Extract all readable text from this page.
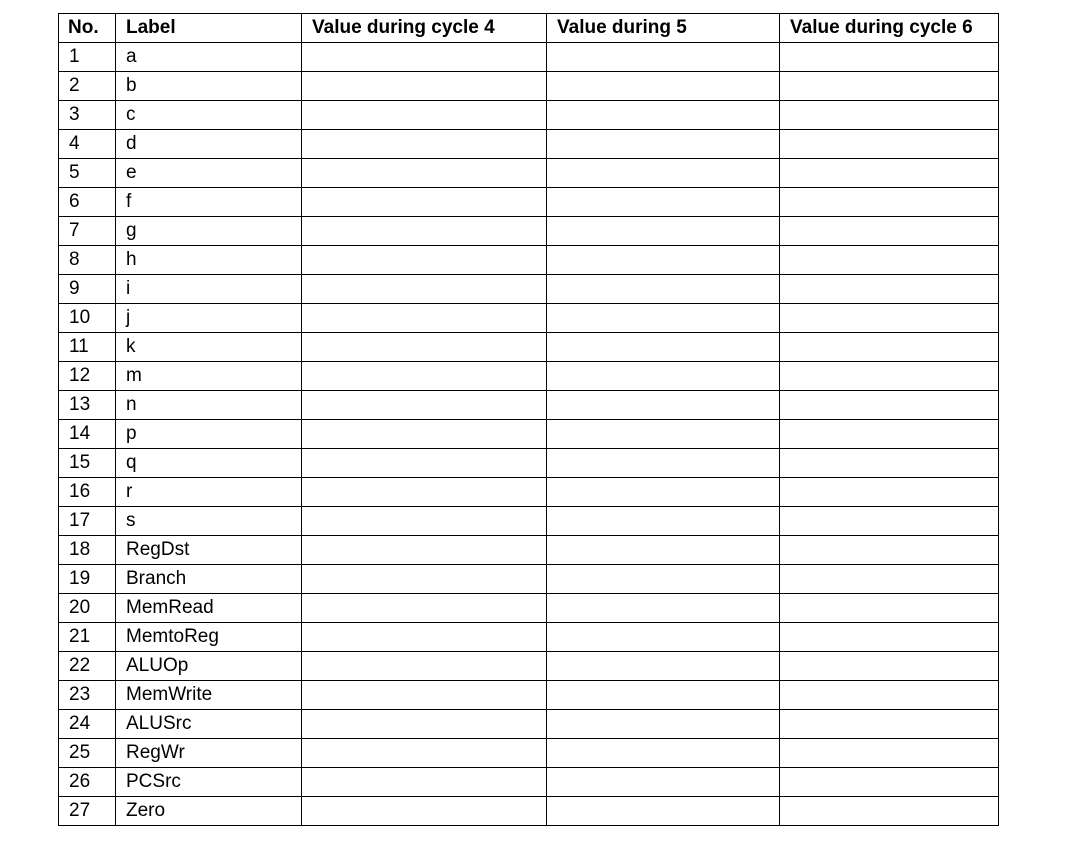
No.	Label	Value during cycle 4	Value during 5	Value during cycle 6
1	a			
2	b			
3	c			
4	d			
5	e			
6	f			
7	g			
8	h			
9	i			
10	j			
11	k			
12	m			
13	n			
14	p			
15	q			
16	r			
17	s			
18	RegDst			
19	Branch			
20	MemRead			
21	MemtoReg			
22	ALUOp			
23	MemWrite			
24	ALUSrc			
25	RegWr			
26	PCSrc			
27	Zero			
